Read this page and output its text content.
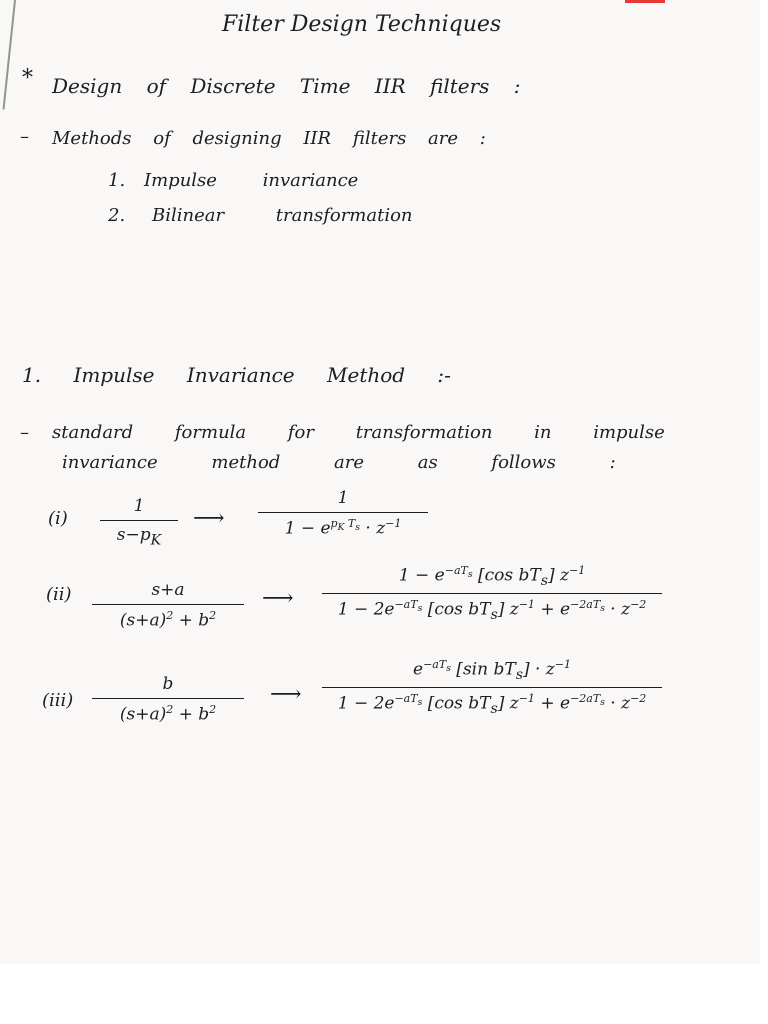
Filter Design Techniques
* Design of Discrete Time IIR filters :
– Methods of designing IIR filters are :
1. Impulse invariance
2. Bilinear transformation
1. Impulse Invariance Method :-
– standard formula for transformation in impulse
invariance method are as follows :
(i)
1
$s-p_K$
⟶
1
$1 - e^{p_K T_s} \cdot z^{-1}$
(ii)	s+a
$(s+a)^2 + b^2$
⟶
$1 - e^{-aT_s}$ [cos $bT_s$] $z^{-1}$
$1 - 2e^{-aT_s}$ [cos $bT_s$] $z^{-1} + e^{-2aT_s} \cdot z^{-2}$
(iii)
b
$(s+a)^2 + b^2$
⟶
$e^{-aT_s}$ [sin $bT_s] \cdot z^{-1}$
$1 - 2e^{-aT_s}$ [cos $bT_s$] $z^{-1} + e^{-2aT_s} \cdot z^{-2}$
